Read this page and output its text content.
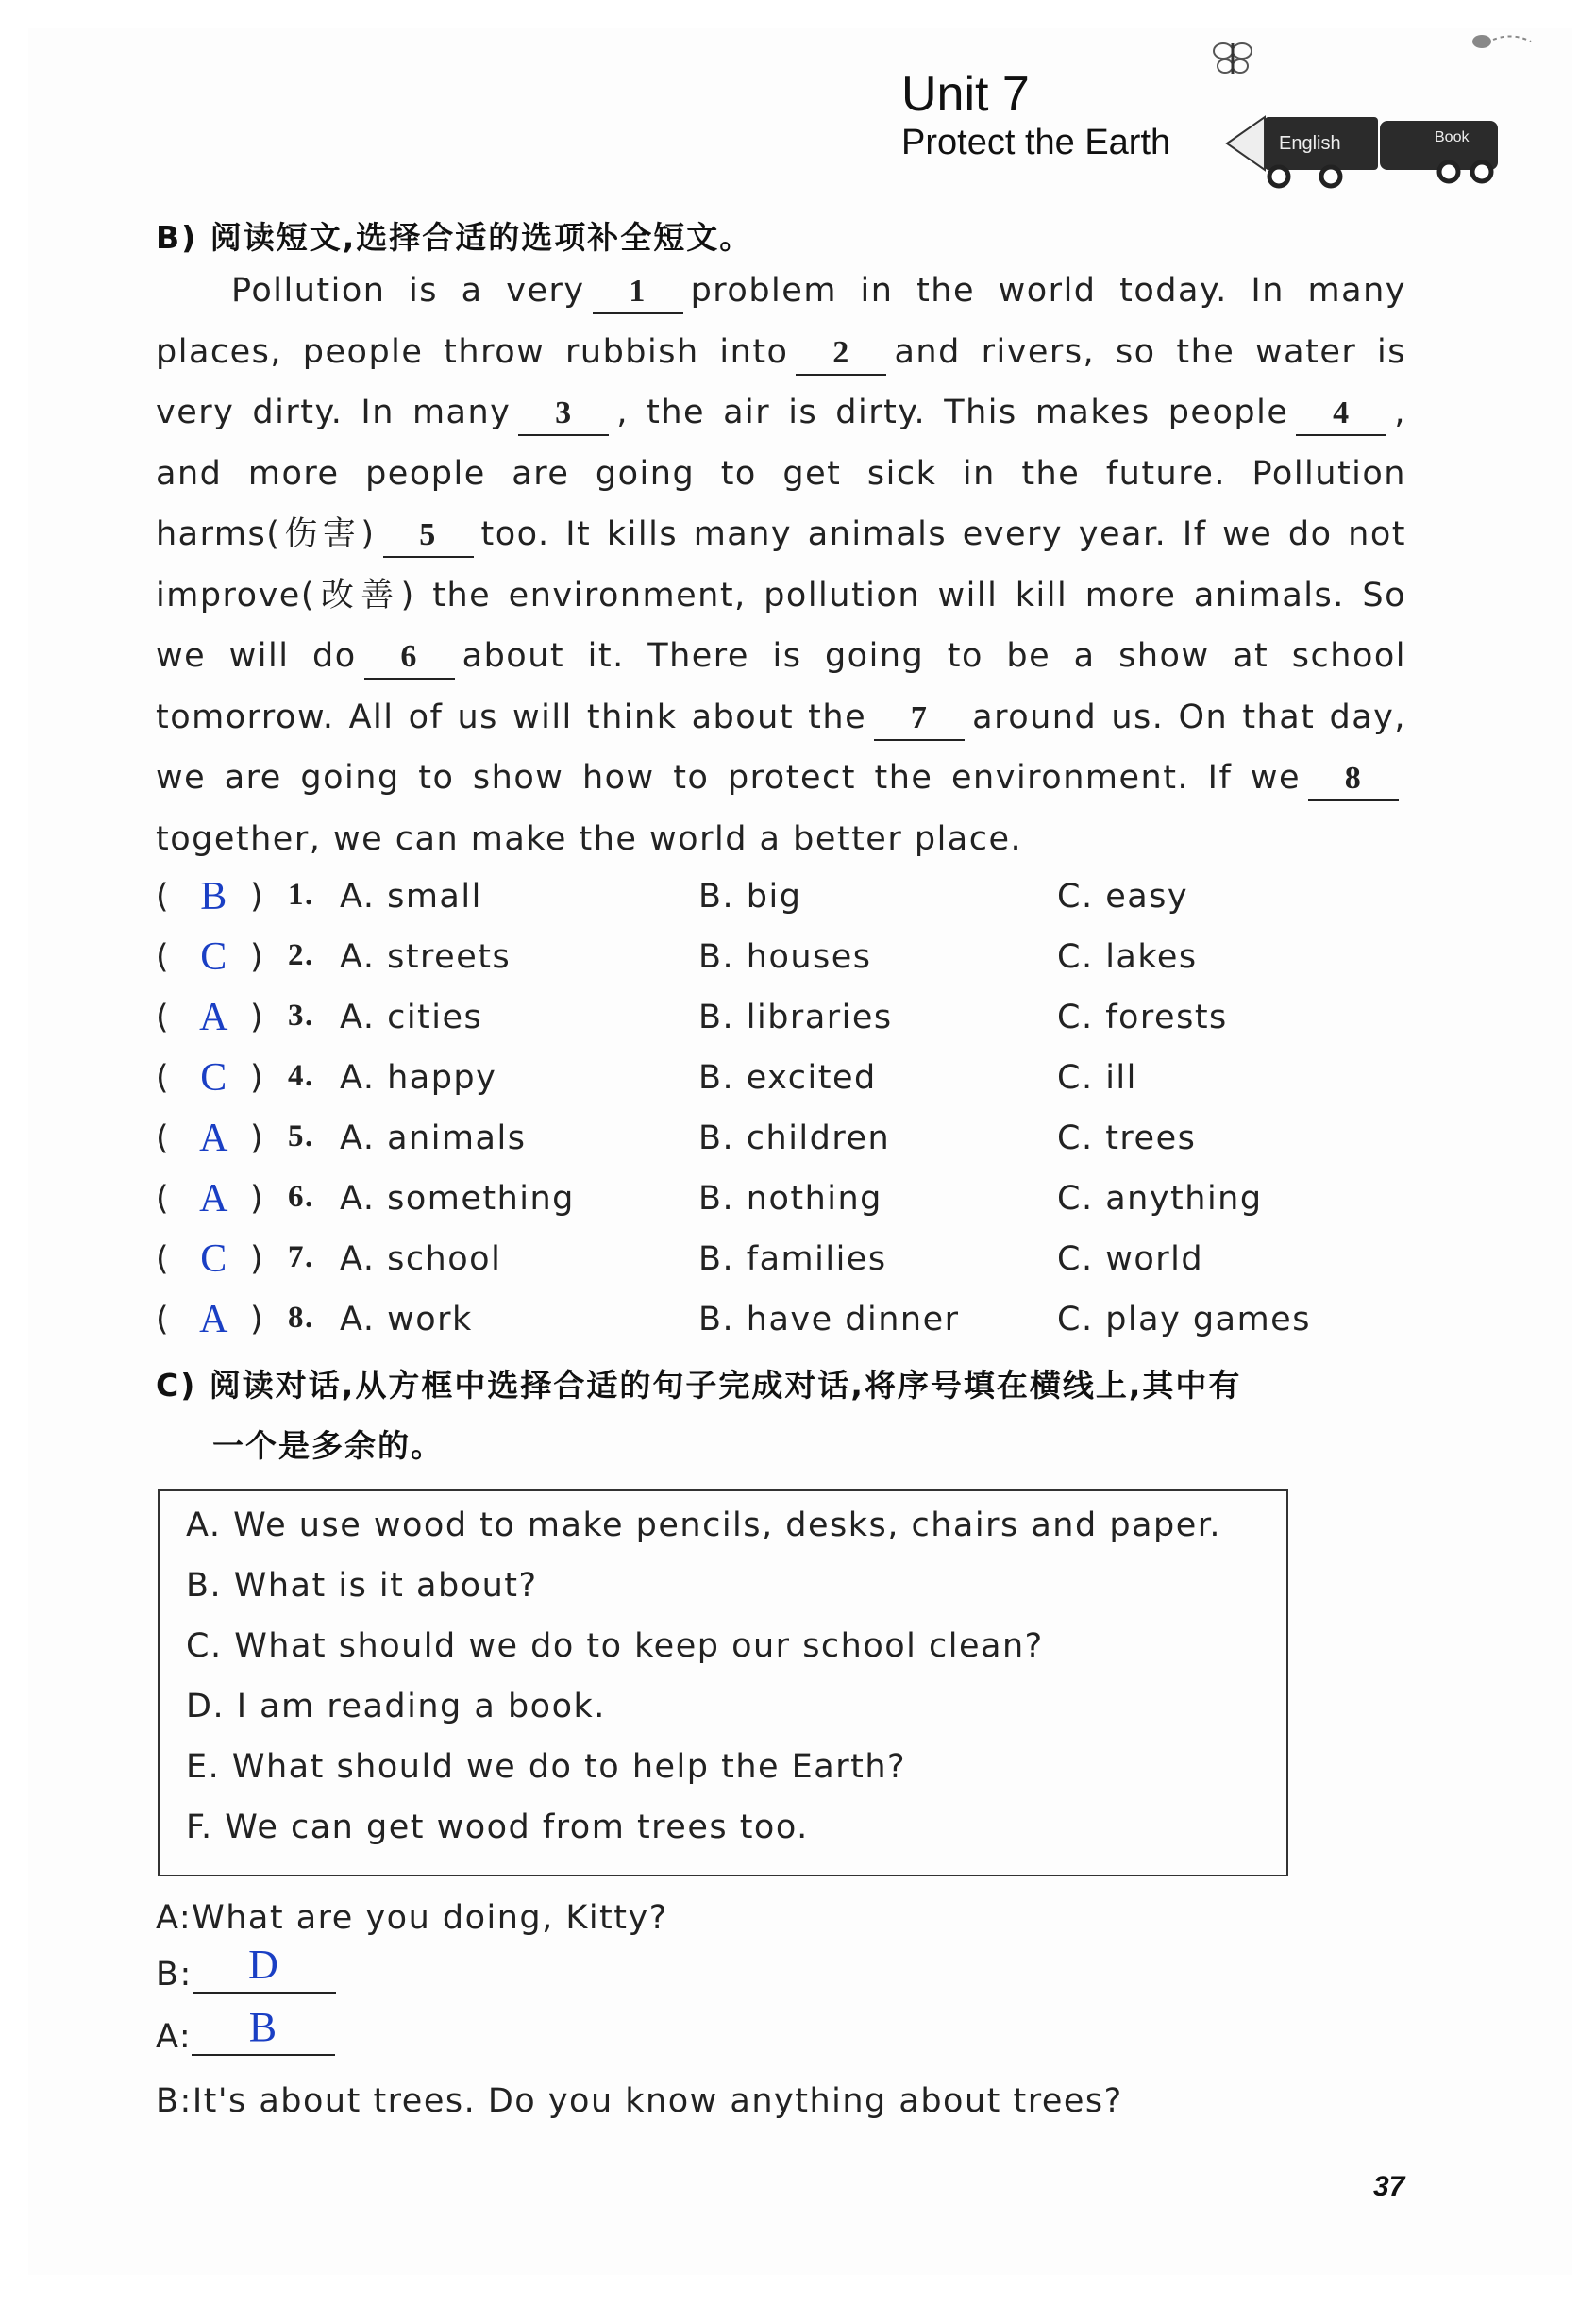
Unit 7
Protect the Earth	English	Book
B) 阅读短文,选择合适的选项补全短文。

Pollution is a very 1 problem in the world today. In many places, people throw rubbish into 2 and rivers, so the water is very dirty. In many 3 , the air is dirty. This makes people 4 , and more people are going to get sick in the future. Pollution harms(伤害) 5 too. It kills many animals every year. If we do not improve(改善) the environment, pollution will kill more animals. So we will do 6 about it. There is going to be a show at school tomorrow. All of us will think about the 7 around us. On that day, we are going to show how to protect the environment. If we 8together, we can make the world a better place.

( B ) 1. A. small	B. big	C. easy
( C ) 2. A. streets	B. houses	C. lakes
( A ) 3. A. cities	B. libraries	C. forests
( C ) 4. A. happy	B. excited	C. ill
( A ) 5. A. animals	B. children	C. trees
( A ) 6. A. something	B. nothing	C. anything
( C ) 7. A. school	B. families	C. world
( A ) 8. A. work	B. have dinner	C. play games
C) 阅读对话,从方框中选择合适的句子完成对话,将序号填在横线上,其中有
一个是多余的。
A. We use wood to make pencils, desks, chairs and paper.
B. What is it about?
C. What should we do to keep our school clean?
D. I am reading a book.
E. What should we do to help the Earth?
F. We can get wood from trees too.
A:What are you doing, Kitty?
B: D
A: B
B:It's about trees. Do you know anything about trees?
37
